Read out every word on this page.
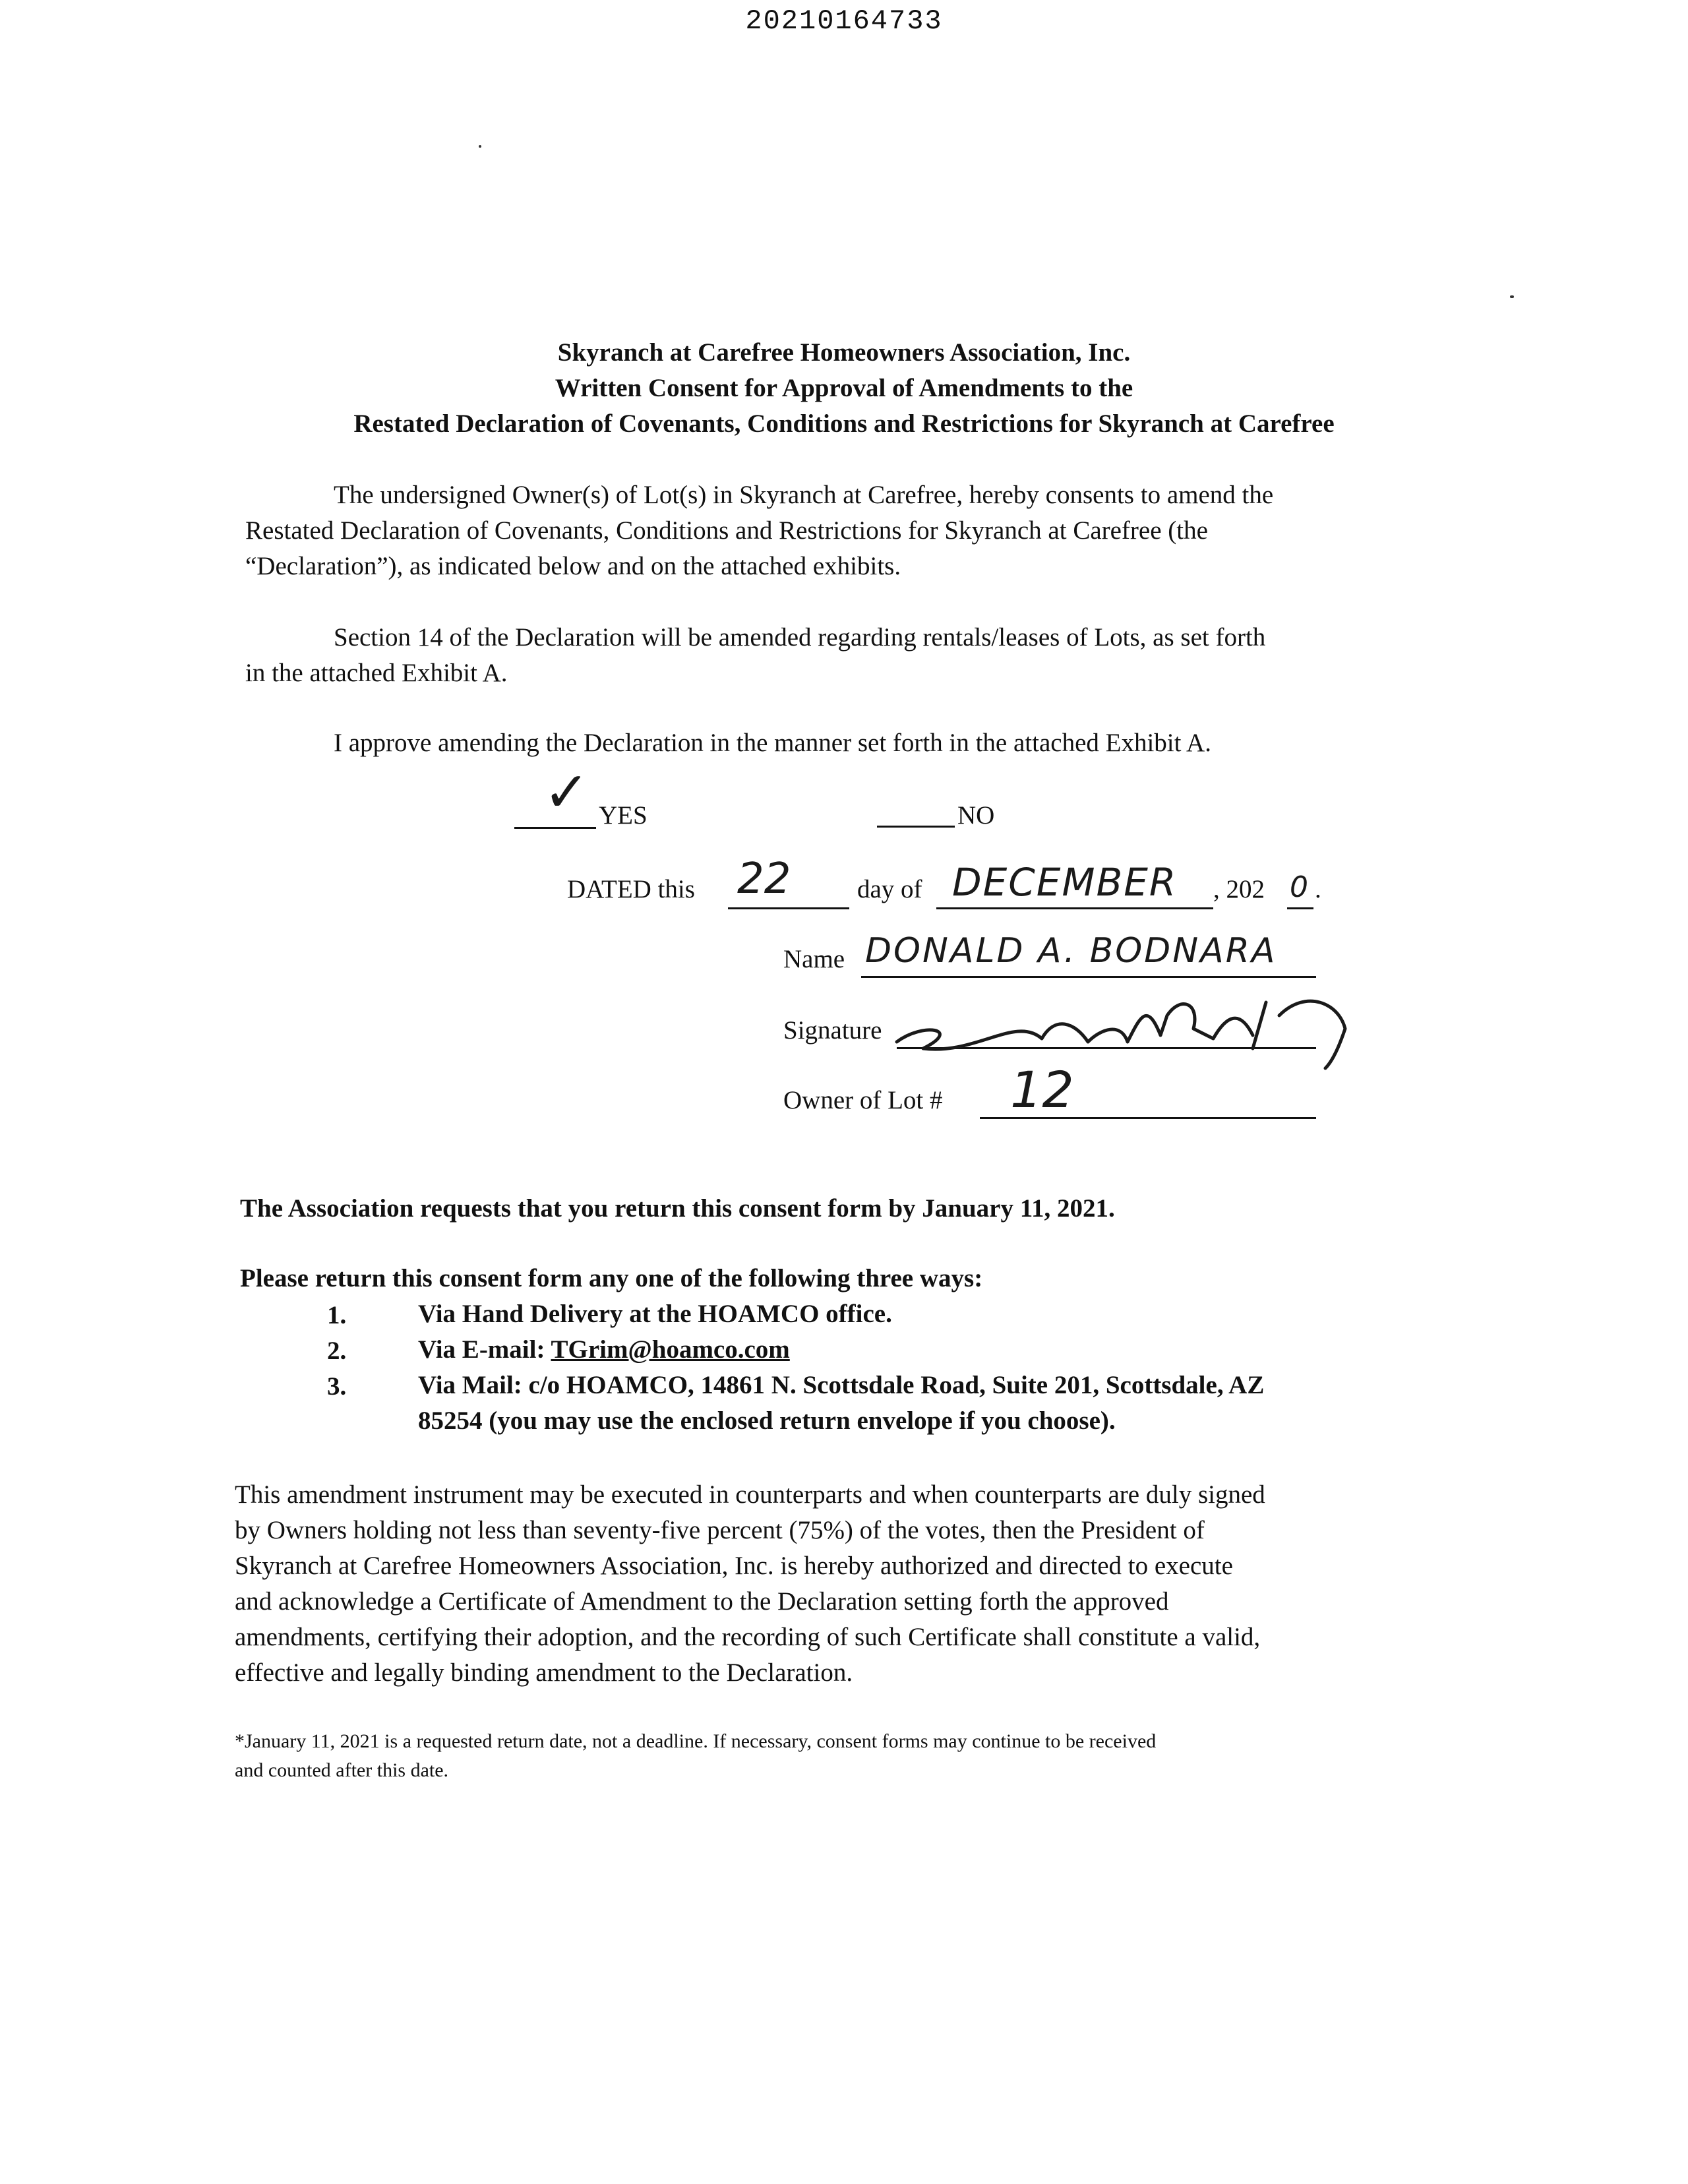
20210164733
Skyranch at Carefree Homeowners Association, Inc.
Written Consent for Approval of Amendments to the
Restated Declaration of Covenants, Conditions and Restrictions for Skyranch at Carefree
The undersigned Owner(s) of Lot(s) in Skyranch at Carefree, hereby consents to amend the
Restated Declaration of Covenants, Conditions and Restrictions for Skyranch at Carefree (the
“Declaration”), as indicated below and on the attached exhibits.
Section 14 of the Declaration will be amended regarding rentals/leases of Lots, as set forth
in the attached Exhibit A.
I approve amending the Declaration in the manner set forth in the attached Exhibit A.
✓ YES	NO
DATED this 22	day of DECEMBER , 202 0 .
Name DONALD A. BODNARA
Signature
Donald A. Bo
Owner of Lot # 12
The Association requests that you return this consent form by January 11, 2021.
Please return this consent form any one of the following three ways:
1.	Via Hand Delivery at the HOAMCO office.
2.	Via E-mail: TGrim@hoamco.com
3.	Via Mail: c/o HOAMCO, 14861 N. Scottsdale Road, Suite 201, Scottsdale, AZ
85254 (you may use the enclosed return envelope if you choose).
This amendment instrument may be executed in counterparts and when counterparts are duly signed
by Owners holding not less than seventy-five percent (75%) of the votes, then the President of
Skyranch at Carefree Homeowners Association, Inc. is hereby authorized and directed to execute
and acknowledge a Certificate of Amendment to the Declaration setting forth the approved
amendments, certifying their adoption, and the recording of such Certificate shall constitute a valid,
effective and legally binding amendment to the Declaration.
*January 11, 2021 is a requested return date, not a deadline. If necessary, consent forms may continue to be received
and counted after this date.
